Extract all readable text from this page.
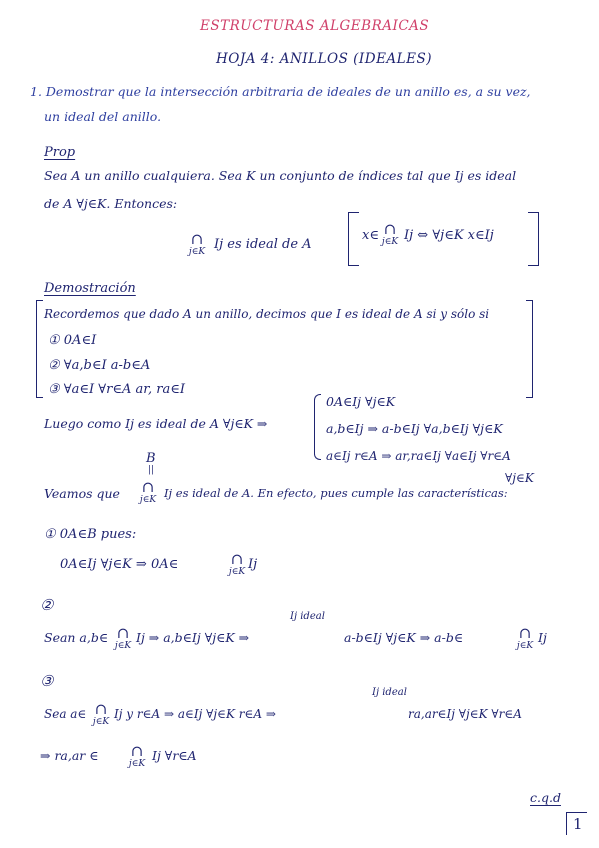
ESTRUCTURAS ALGEBRAICAS
HOJA 4: ANILLOS (IDEALES)
1. Demostrar que la intersección arbitraria de ideales de un anillo es, a su vez,
un ideal del anillo.
Prop
Sea A un anillo cualquiera. Sea K un conjunto de índices tal que Ij es ideal
de A ∀j∈K. Entonces:
∩
j∈K Ij es ideal de A
x∈ ∩
j∈K Ij ⇔ ∀j∈K x∈Ij
Demostración
Recordemos que dado A un anillo, decimos que I es ideal de A si y sólo si
① 0A∈I
② ∀a,b∈I a-b∈A
③ ∀a∈I ∀r∈A ar, ra∈I
Luego como Ij es ideal de A ∀j∈K ⇒
0A∈Ij ∀j∈K
a,b∈Ij ⇒ a-b∈Ij ∀a,b∈Ij ∀j∈K
a∈Ij r∈A ⇒ ar,ra∈Ij ∀a∈Ij ∀r∈A
∀j∈K
B
||
Veamos que	∩
j∈K Ij es ideal de A. En efecto, pues cumple las características:
① 0A∈B pues:
0A∈Ij ∀j∈K ⇒ 0A∈	∩
j∈K Ij
②
Ij ideal
Sean a,b∈ ∩
j∈K
Ij ⇒ a,b∈Ij ∀j∈K ⇒	a-b∈Ij ∀j∈K ⇒ a-b∈	∩
j∈K
Ij
③
Ij ideal
Sea a∈ ∩
j∈K
Ij y r∈A ⇒ a∈Ij ∀j∈K r∈A ⇒	ra,ar∈Ij ∀j∈K ∀r∈A
⇒ ra,ar ∈	∩
j∈K
Ij ∀r∈A
c.q.d
1
